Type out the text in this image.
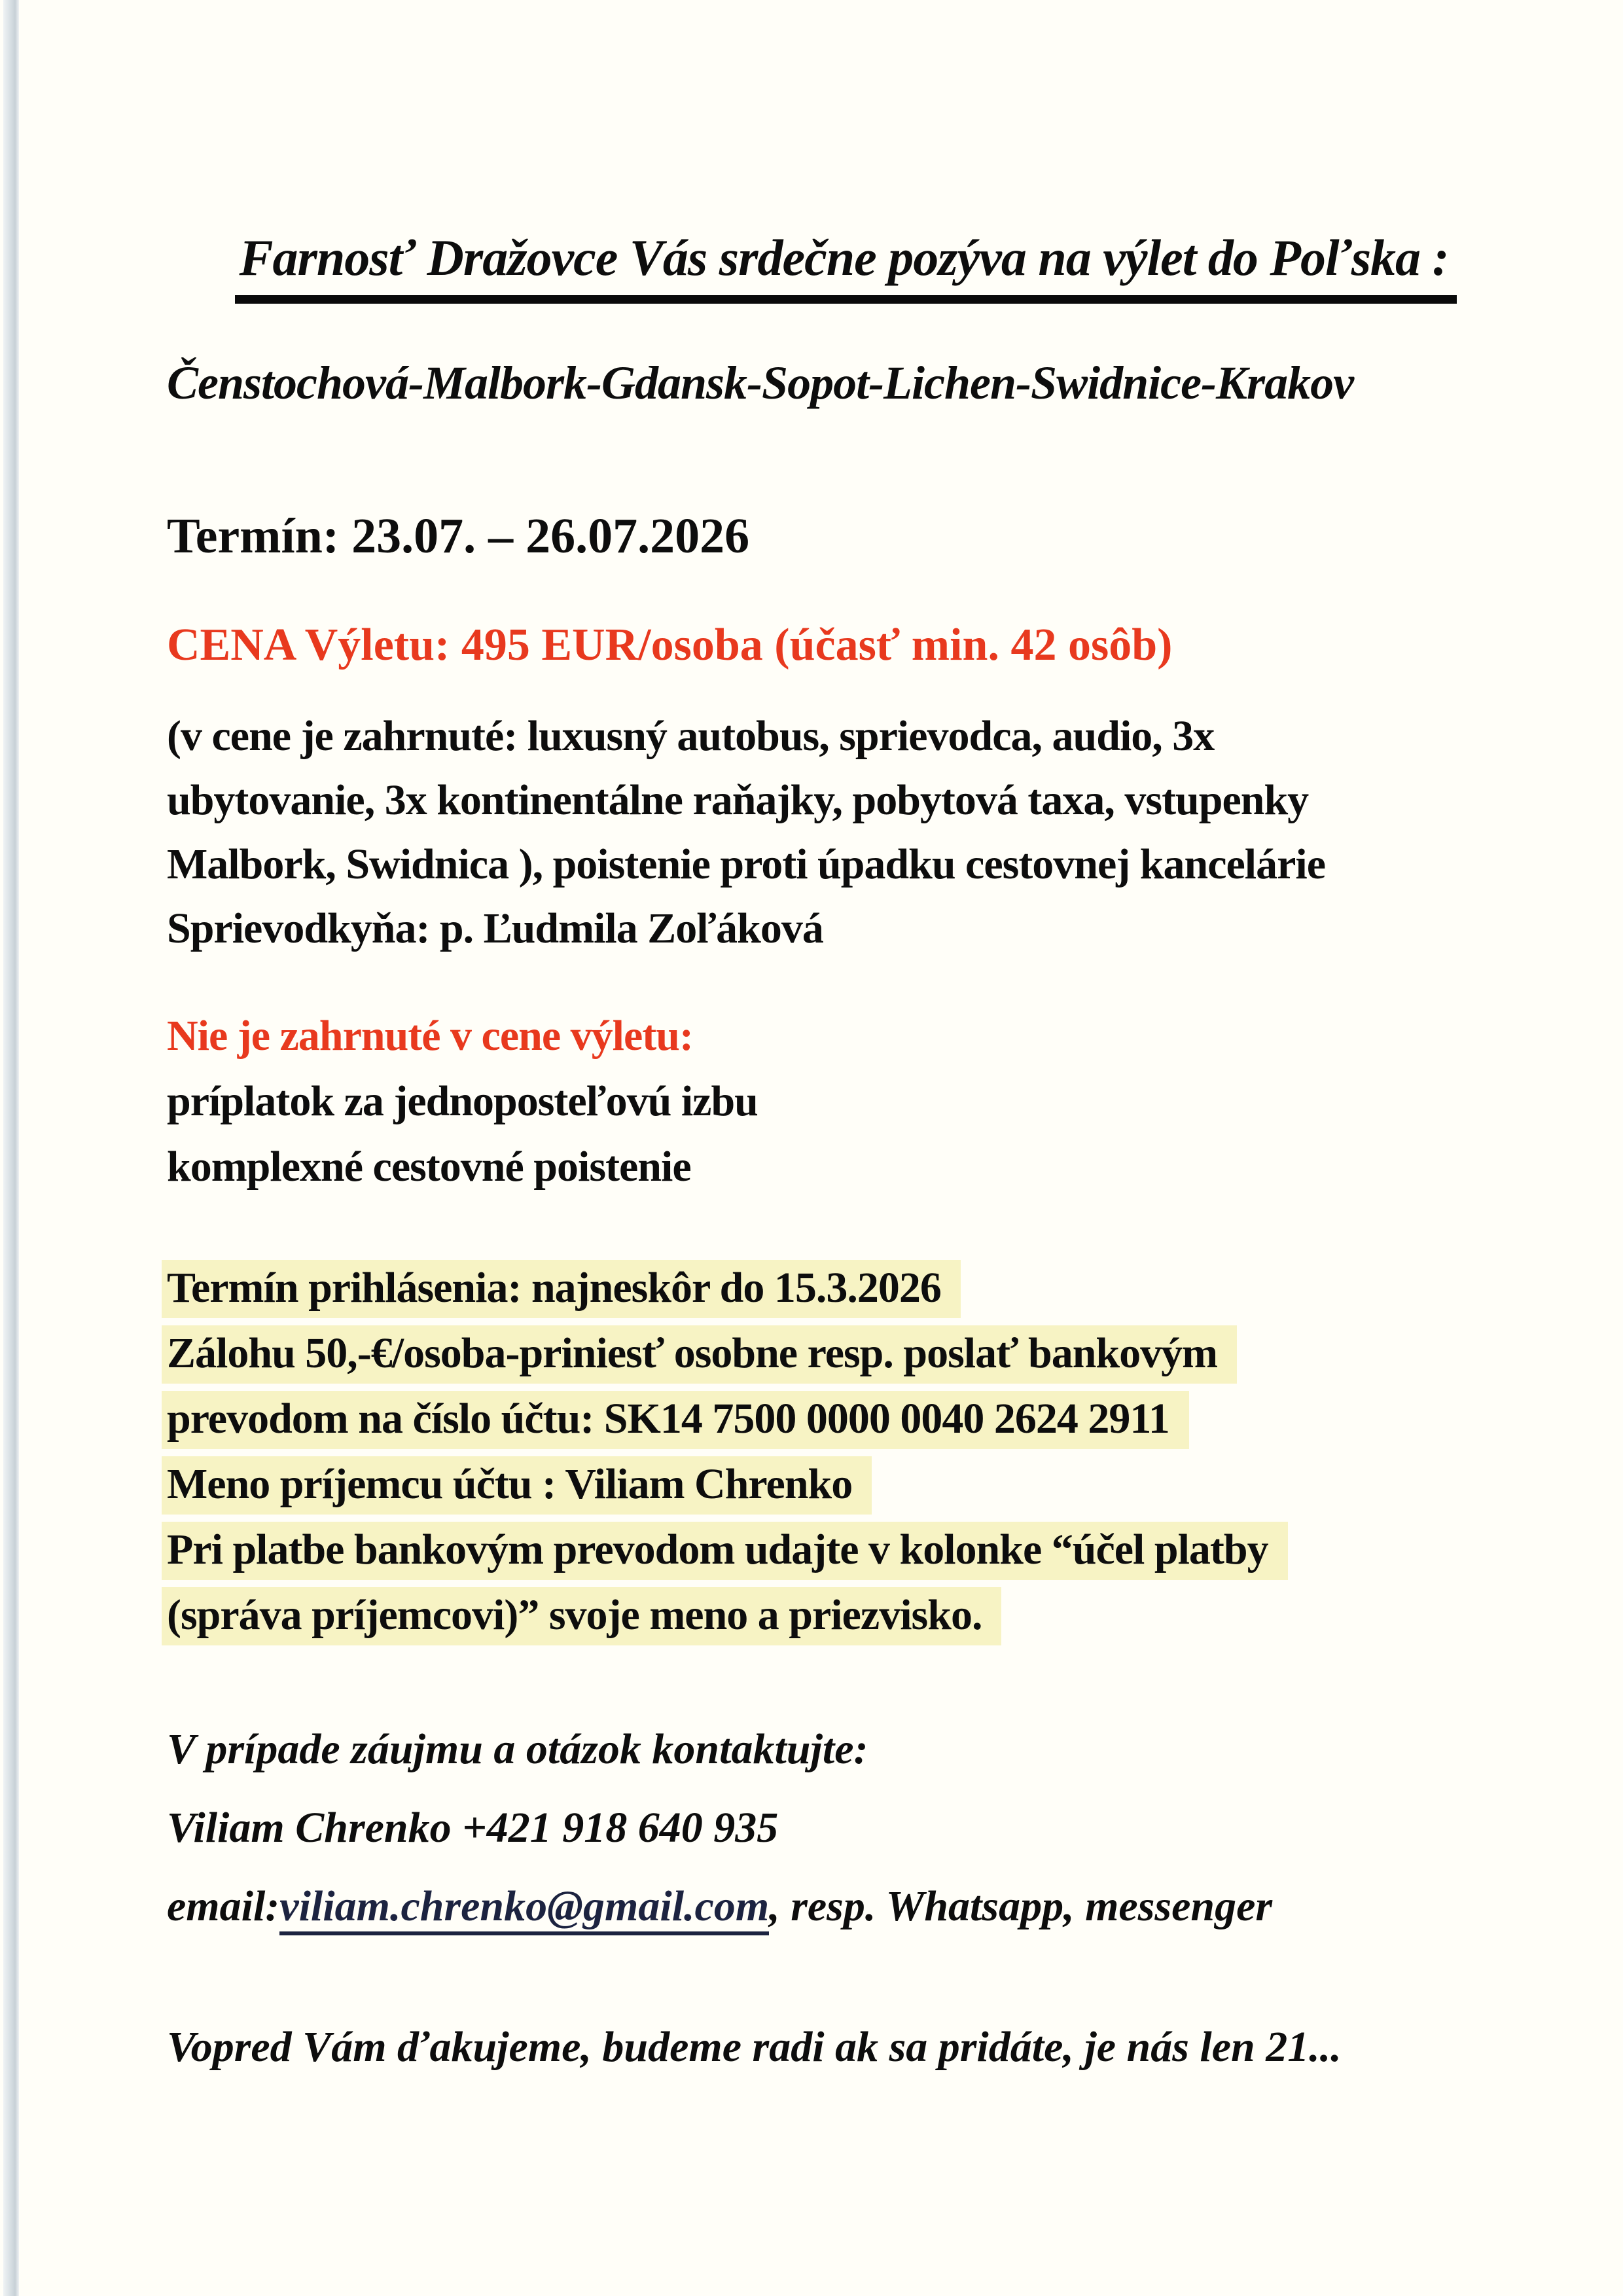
Farnosť Dražovce Vás srdečne pozýva na výlet do Poľska :
Čenstochová-Malbork-Gdansk-Sopot-Lichen-Swidnice-Krakov
Termín: 23.07. – 26.07.2026
CENA Výletu: 495 EUR/osoba (účasť min. 42 osôb)
(v cene je zahrnuté: luxusný autobus, sprievodca, audio, 3x
ubytovanie, 3x kontinentálne raňajky, pobytová taxa, vstupenky
Malbork, Swidnica ), poistenie proti úpadku cestovnej kancelárie
Sprievodkyňa: p. Ľudmila Zoľáková
Nie je zahrnuté v cene výletu:
príplatok za jednoposteľovú izbu
komplexné cestovné poistenie
Termín prihlásenia: najneskôr do 15.3.2026
Zálohu 50,-€/osoba-priniesť osobne resp. poslať bankovým
prevodom na číslo účtu: SK14 7500 0000 0040 2624 2911
Meno príjemcu účtu : Viliam Chrenko
Pri platbe bankovým prevodom udajte v kolonke “účel platby
(správa príjemcovi)” svoje meno a priezvisko.
V prípade záujmu a otázok kontaktujte:
Viliam Chrenko +421 918 640 935
email:viliam.chrenko@gmail.com, resp. Whatsapp, messenger
Vopred Vám ďakujeme, budeme radi ak sa pridáte, je nás len 21...
